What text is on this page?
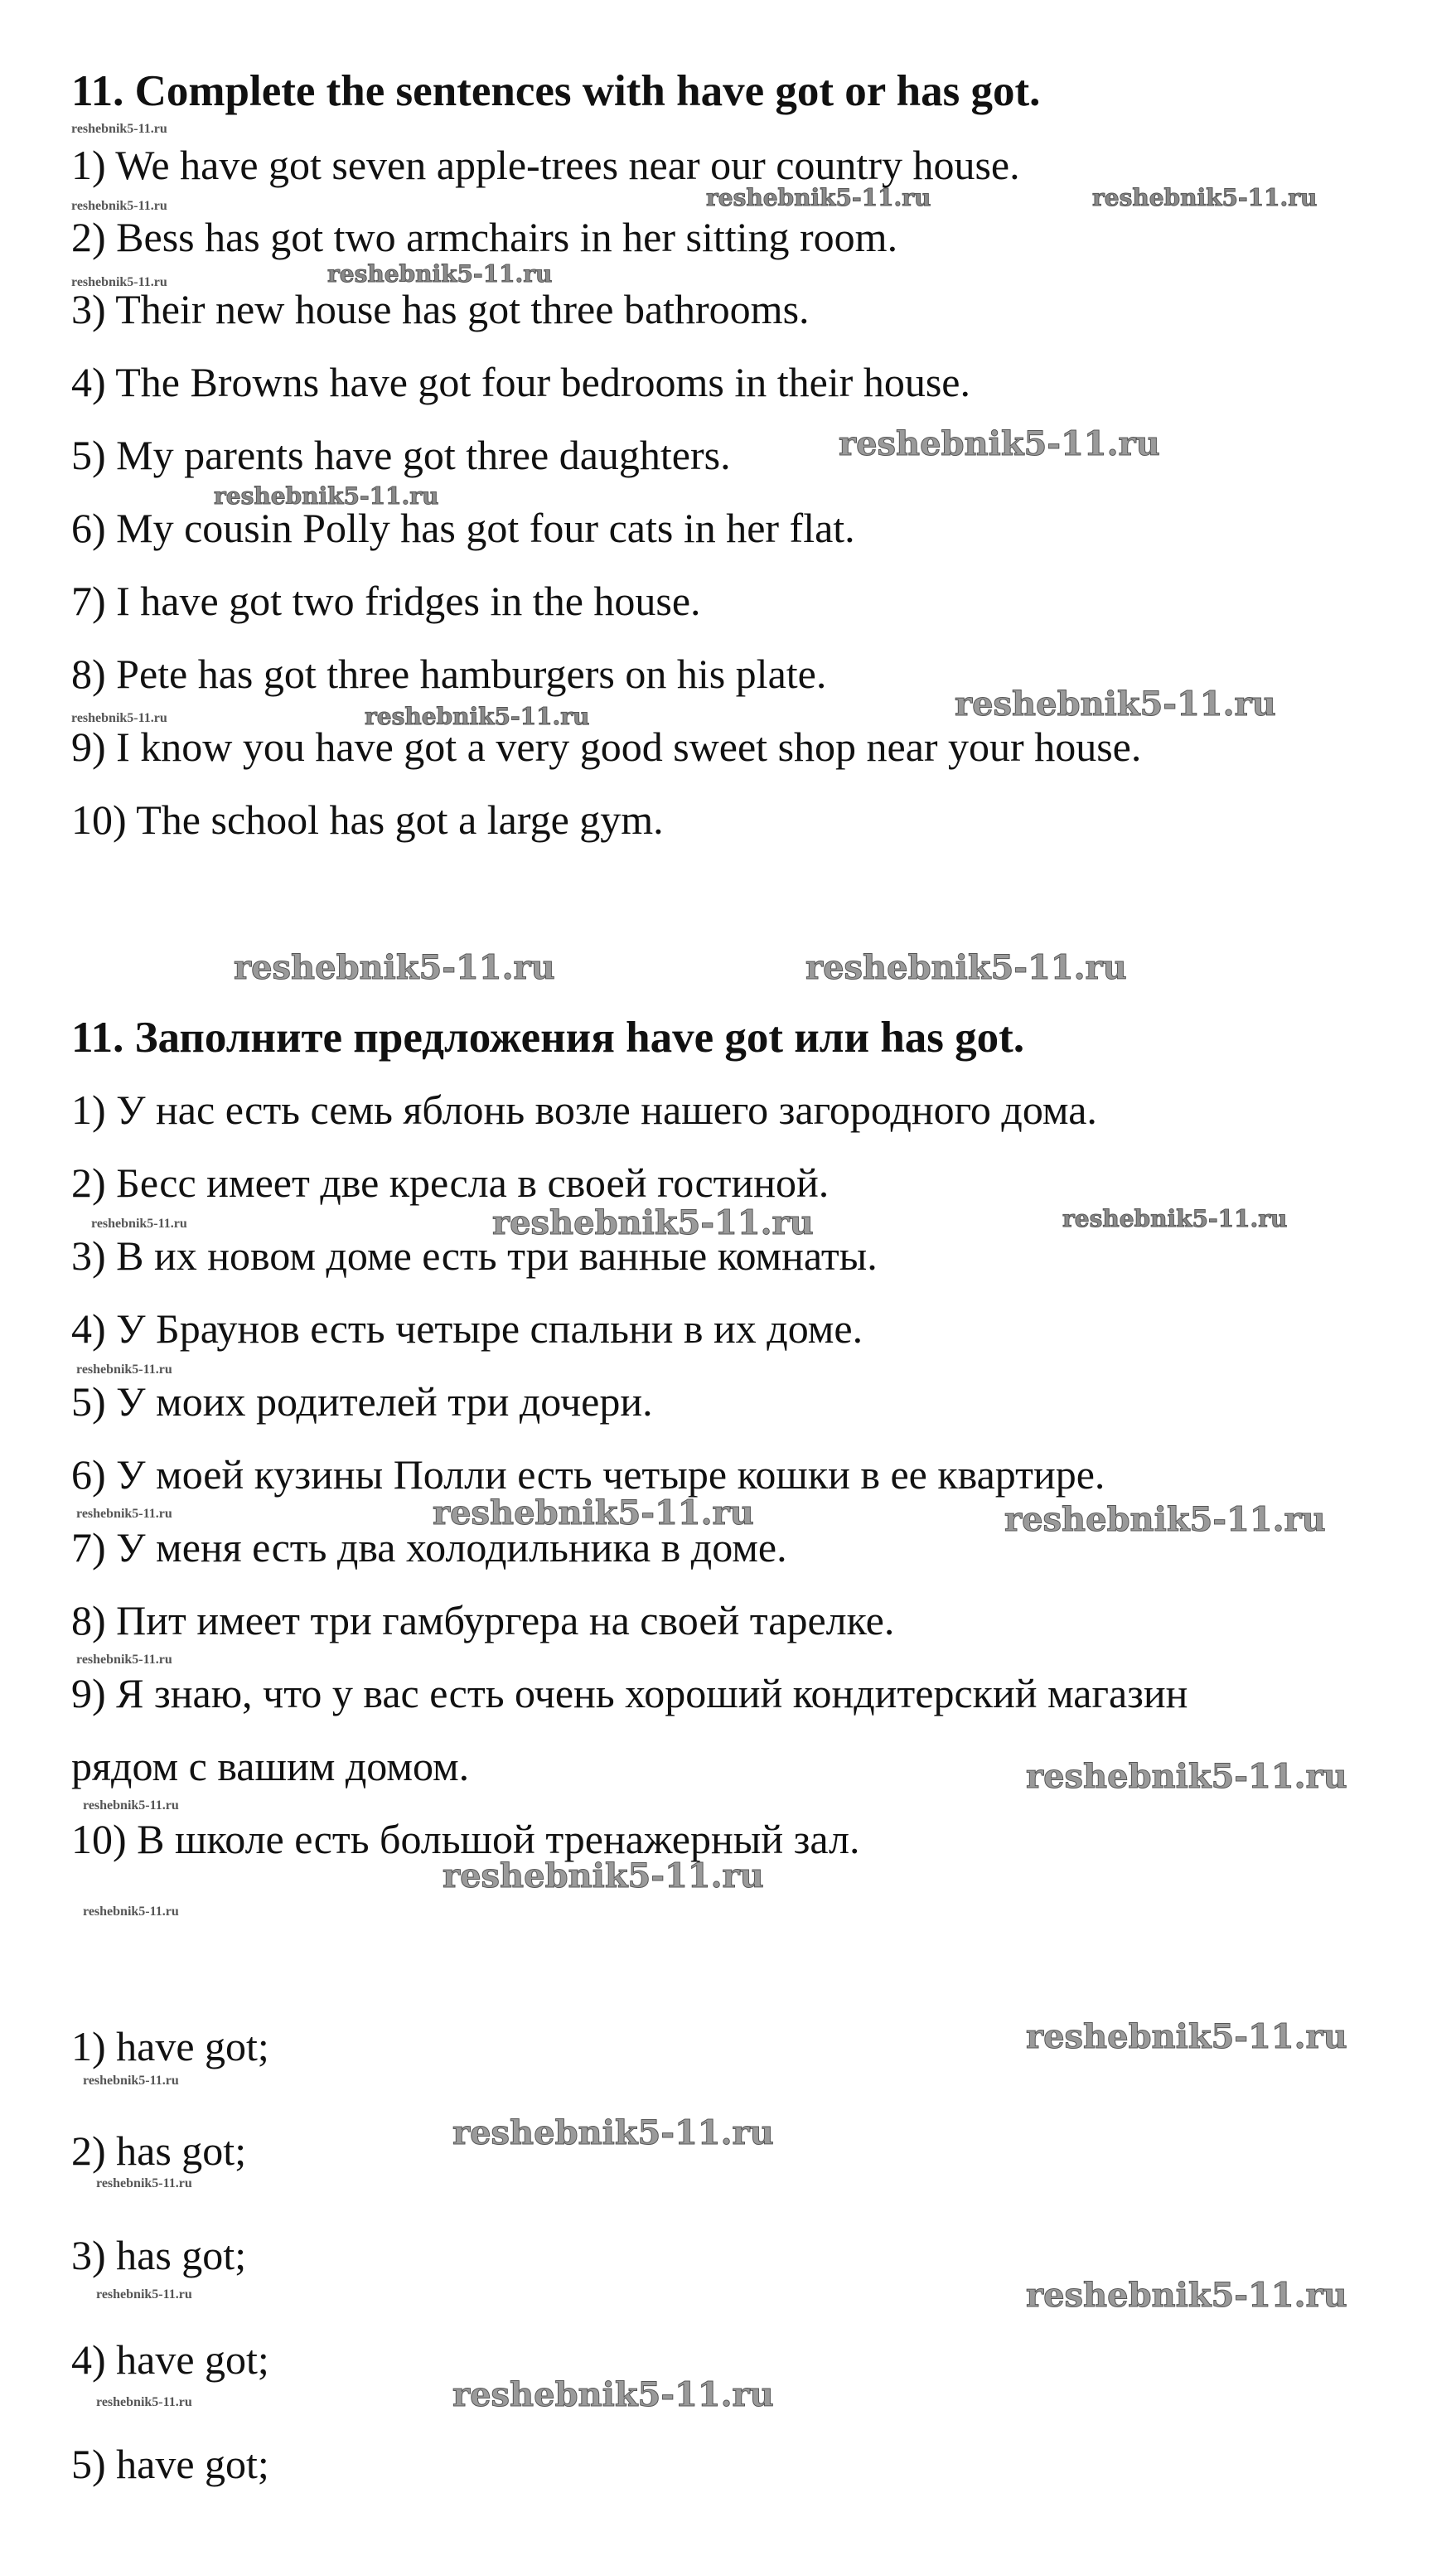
11. Complete the sentences with have got or has got.
1) We have got seven apple-trees near our country house.
2) Bess has got two armchairs in her sitting room.
3) Their new house has got three bathrooms.
4) The Browns have got four bedrooms in their house.
5) My parents have got three daughters.
6) My cousin Polly has got four cats in her flat.
7) I have got two fridges in the house.
8) Pete has got three hamburgers on his plate.
9) I know you have got a very good sweet shop near your house.
10) The school has got a large gym.
11. Заполните предложения have got или has got.
1) У нас есть семь яблонь возле нашего загородного дома.
2) Бесс имеет две кресла в своей гостиной.
3) В их новом доме есть три ванные комнаты.
4) У Браунов есть четыре спальни в их доме.
5) У моих родителей три дочери.
6) У моей кузины Полли есть четыре кошки в ее квартире.
7) У меня есть два холодильника в доме.
8) Пит имеет три гамбургера на своей тарелке.
9) Я знаю, что у вас есть очень хороший кондитерский магазин
рядом с вашим домом.
10) В школе есть большой тренажерный зал.
1) have got;
2) has got;
3) has got;
4) have got;
5) have got;
reshebnik5-11.ru
reshebnik5-11.ru
reshebnik5-11.ru
reshebnik5-11.ru	reshebnik5-11.ru
reshebnik5-11.ru
reshebnik5-11.ru
reshebnik5-11.ru
reshebnik5-11.ru	reshebnik5-11.ru	reshebnik5-11.ru
reshebnik5-11.ru	reshebnik5-11.ru
reshebnik5-11.ru	reshebnik5-11.ru	reshebnik5-11.ru
reshebnik5-11.ru
reshebnik5-11.ru	reshebnik5-11.ru	reshebnik5-11.ru
reshebnik5-11.ru
reshebnik5-11.ru
reshebnik5-11.ru
reshebnik5-11.ru
reshebnik5-11.ru
reshebnik5-11.ru
reshebnik5-11.ru
reshebnik5-11.ru
reshebnik5-11.ru
reshebnik5-11.ru
reshebnik5-11.ru
reshebnik5-11.ru
reshebnik5-11.ru
